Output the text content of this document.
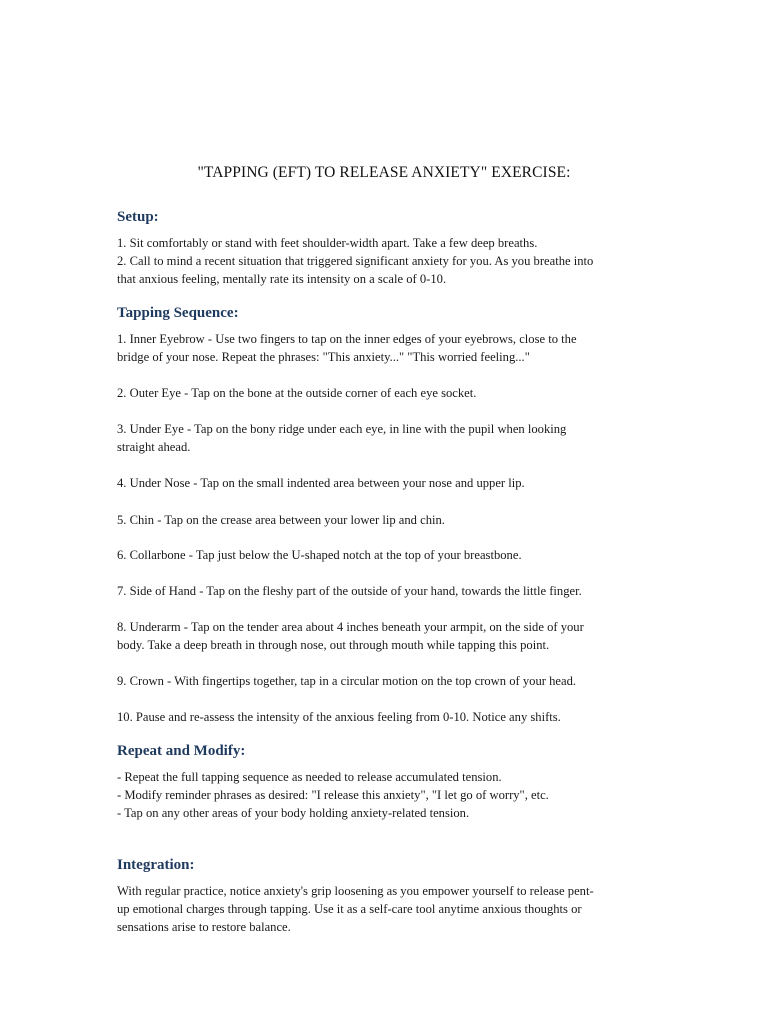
"TAPPING (EFT) TO RELEASE ANXIETY" EXERCISE:
Setup:
1. Sit comfortably or stand with feet shoulder-width apart. Take a few deep breaths.
2. Call to mind a recent situation that triggered significant anxiety for you. As you breathe into
that anxious feeling, mentally rate its intensity on a scale of 0-10.
Tapping Sequence:
1. Inner Eyebrow - Use two fingers to tap on the inner edges of your eyebrows, close to the
bridge of your nose. Repeat the phrases: "This anxiety..." "This worried feeling..."
2. Outer Eye - Tap on the bone at the outside corner of each eye socket.
3. Under Eye - Tap on the bony ridge under each eye, in line with the pupil when looking
straight ahead.
4. Under Nose - Tap on the small indented area between your nose and upper lip.
5. Chin - Tap on the crease area between your lower lip and chin.
6. Collarbone - Tap just below the U-shaped notch at the top of your breastbone.
7. Side of Hand - Tap on the fleshy part of the outside of your hand, towards the little finger.
8. Underarm - Tap on the tender area about 4 inches beneath your armpit, on the side of your
body. Take a deep breath in through nose, out through mouth while tapping this point.
9. Crown - With fingertips together, tap in a circular motion on the top crown of your head.
10. Pause and re-assess the intensity of the anxious feeling from 0-10. Notice any shifts.
Repeat and Modify:
- Repeat the full tapping sequence as needed to release accumulated tension.
- Modify reminder phrases as desired: "I release this anxiety", "I let go of worry", etc.
- Tap on any other areas of your body holding anxiety-related tension.
Integration:
With regular practice, notice anxiety's grip loosening as you empower yourself to release pent-
up emotional charges through tapping. Use it as a self-care tool anytime anxious thoughts or
sensations arise to restore balance.
